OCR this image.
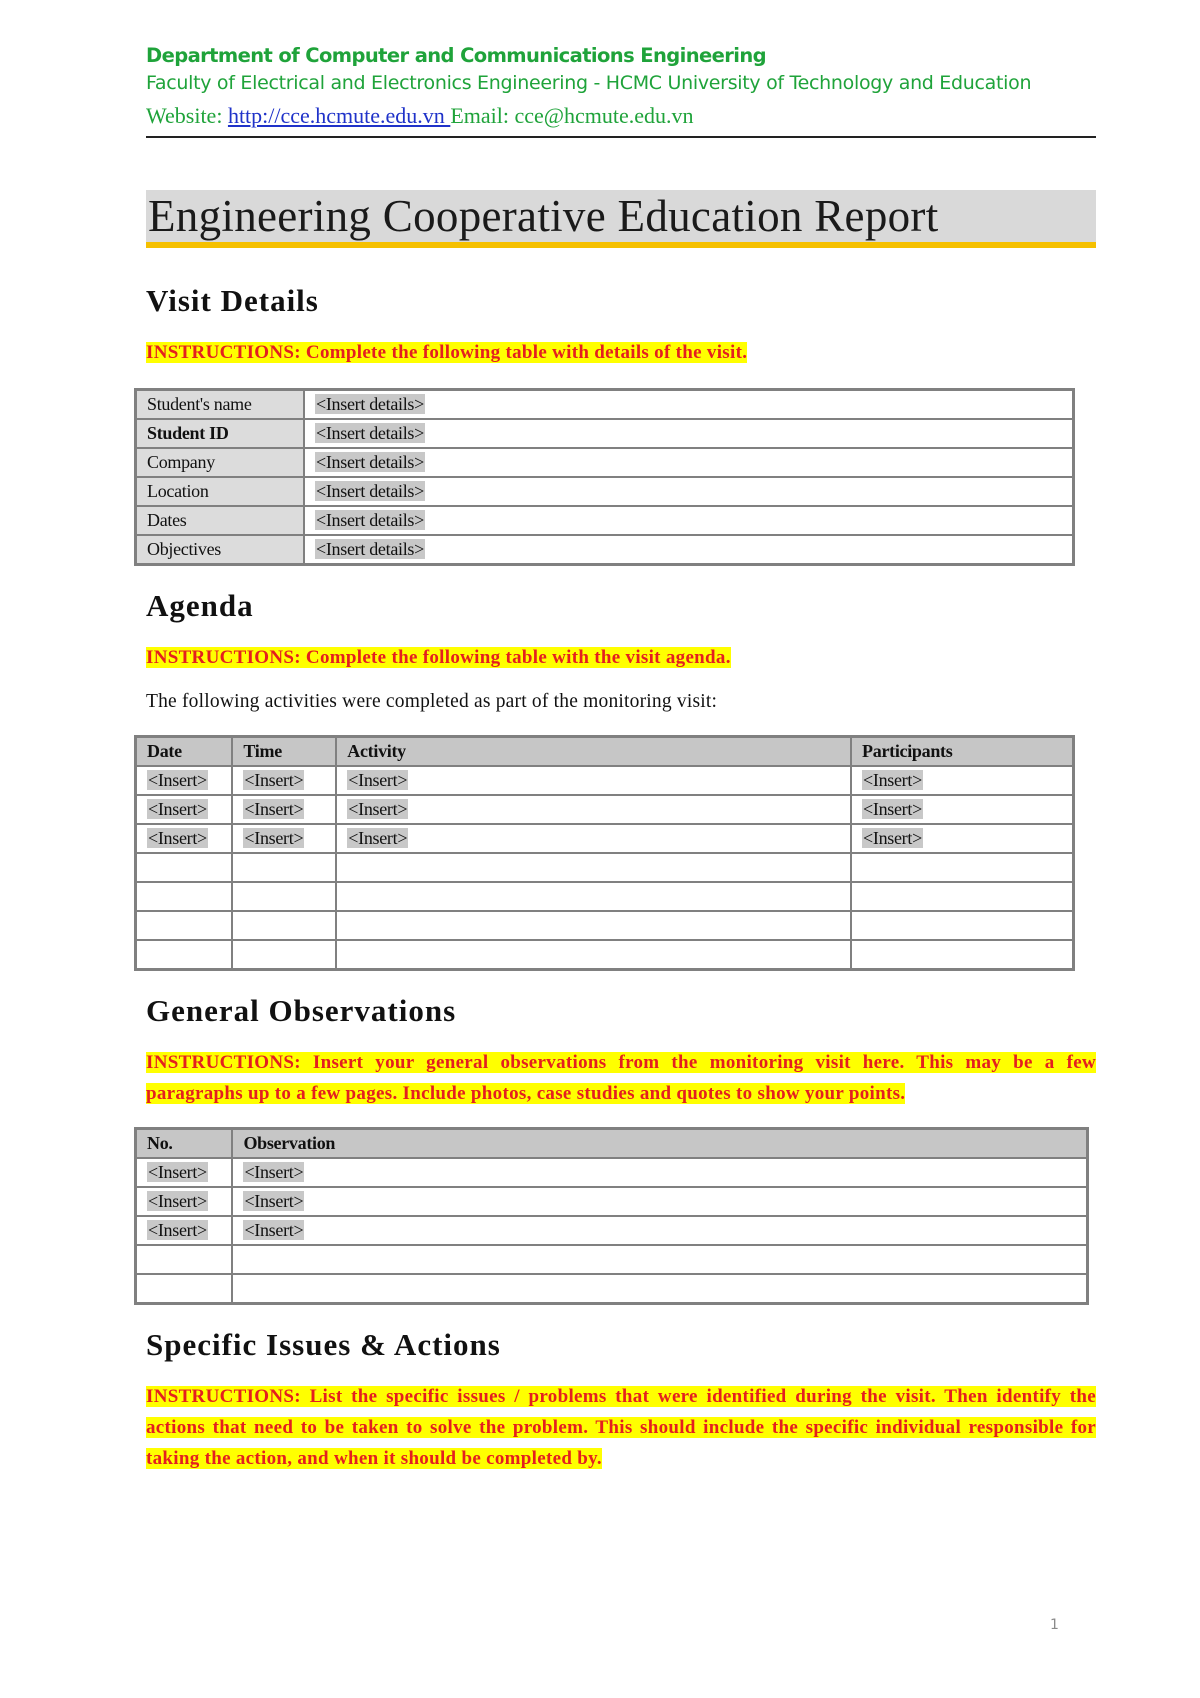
Department of Computer and Communications Engineering
Faculty of Electrical and Electronics Engineering - HCMC University of Technology and Education
Website: http://cce.hcmute.edu.vn Email: cce@hcmute.edu.vn
Engineering Cooperative Education Report
Visit Details
INSTRUCTIONS: Complete the following table with details of the visit.
Student's name	<Insert details>
Student ID	<Insert details>
Company	<Insert details>
Location	<Insert details>
Dates	<Insert details>
Objectives	<Insert details>
Agenda
INSTRUCTIONS: Complete the following table with the visit agenda.
The following activities were completed as part of the monitoring visit:
Date	Time	Activity	Participants
<Insert>	<Insert>	<Insert>	<Insert>
<Insert>	<Insert>	<Insert>	<Insert>
<Insert>	<Insert>	<Insert>	<Insert>

General Observations
INSTRUCTIONS: Insert your general observations from the monitoring visit here. This may be a few paragraphs up to a few pages. Include photos, case studies and quotes to show your points.
No.	Observation
<Insert>	<Insert>
<Insert>	<Insert>
<Insert>	<Insert>

Specific Issues & Actions
INSTRUCTIONS: List the specific issues / problems that were identified during the visit. Then identify the actions that need to be taken to solve the problem. This should include the specific individual responsible for taking the action, and when it should be completed by.
1
